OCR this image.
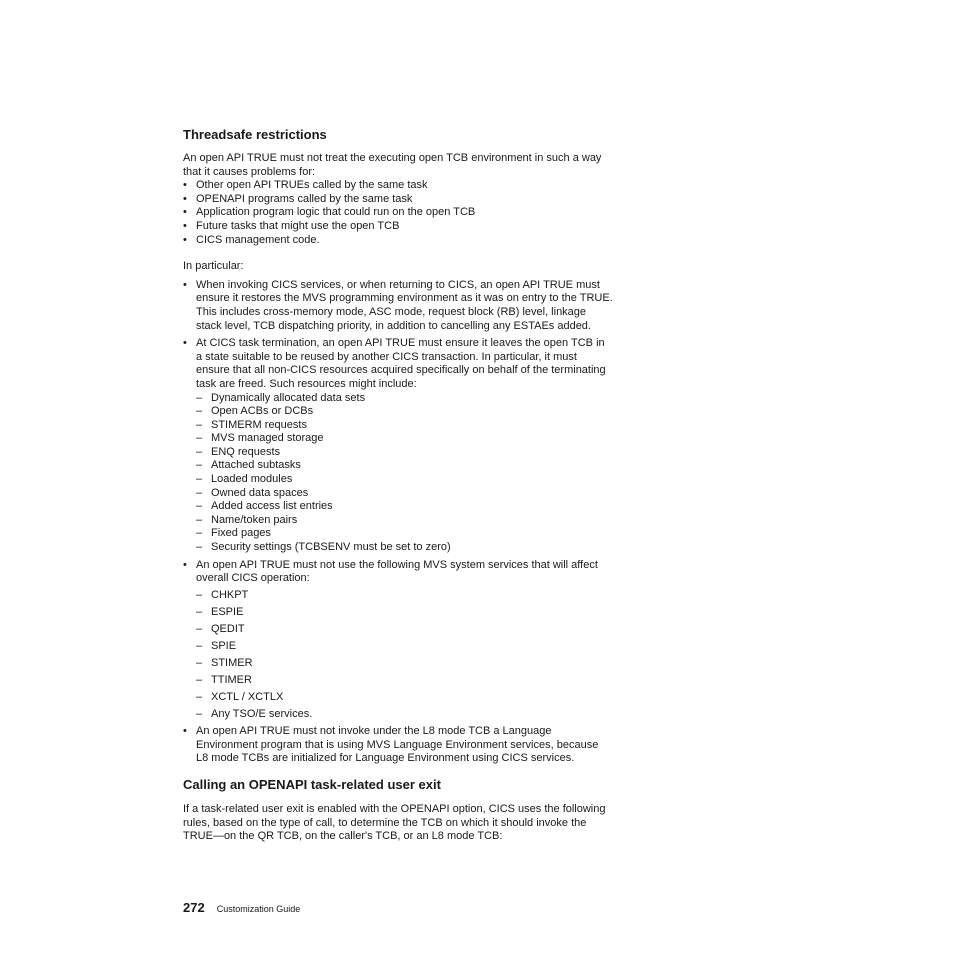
Threadsafe restrictions

An open API TRUE must not treat the executing open TCB environment in such a way that it causes problems for:

• Other open API TRUEs called by the same task
• OPENAPI programs called by the same task
• Application program logic that could run on the open TCB
• Future tasks that might use the open TCB
• CICS management code.

In particular:

• When invoking CICS services, or when returning to CICS, an open API TRUE must ensure it restores the MVS programming environment as it was on entry to the TRUE. This includes cross-memory mode, ASC mode, request block (RB) level, linkage stack level, TCB dispatching priority, in addition to cancelling any ESTAEs added.
• At CICS task termination, an open API TRUE must ensure it leaves the open TCB in a state suitable to be reused by another CICS transaction. In particular, it must ensure that all non-CICS resources acquired specifically on behalf of the terminating task are freed. Such resources might include:
– Dynamically allocated data sets
– Open ACBs or DCBs
– STIMERM requests
– MVS managed storage
– ENQ requests
– Attached subtasks
– Loaded modules
– Owned data spaces
– Added access list entries
– Name/token pairs
– Fixed pages
– Security settings (TCBSENV must be set to zero)
• An open API TRUE must not use the following MVS system services that will affect overall CICS operation:
– CHKPT
– ESPIE
– QEDIT
– SPIE
– STIMER
– TTIMER
– XCTL / XCTLX
– Any TSO/E services.
• An open API TRUE must not invoke under the L8 mode TCB a Language Environment program that is using MVS Language Environment services, because L8 mode TCBs are initialized for Language Environment using CICS services.
Calling an OPENAPI task-related user exit

If a task-related user exit is enabled with the OPENAPI option, CICS uses the following rules, based on the type of call, to determine the TCB on which it should invoke the TRUE—on the QR TCB, on the caller's TCB, or an L8 mode TCB:

272 Customization Guide
